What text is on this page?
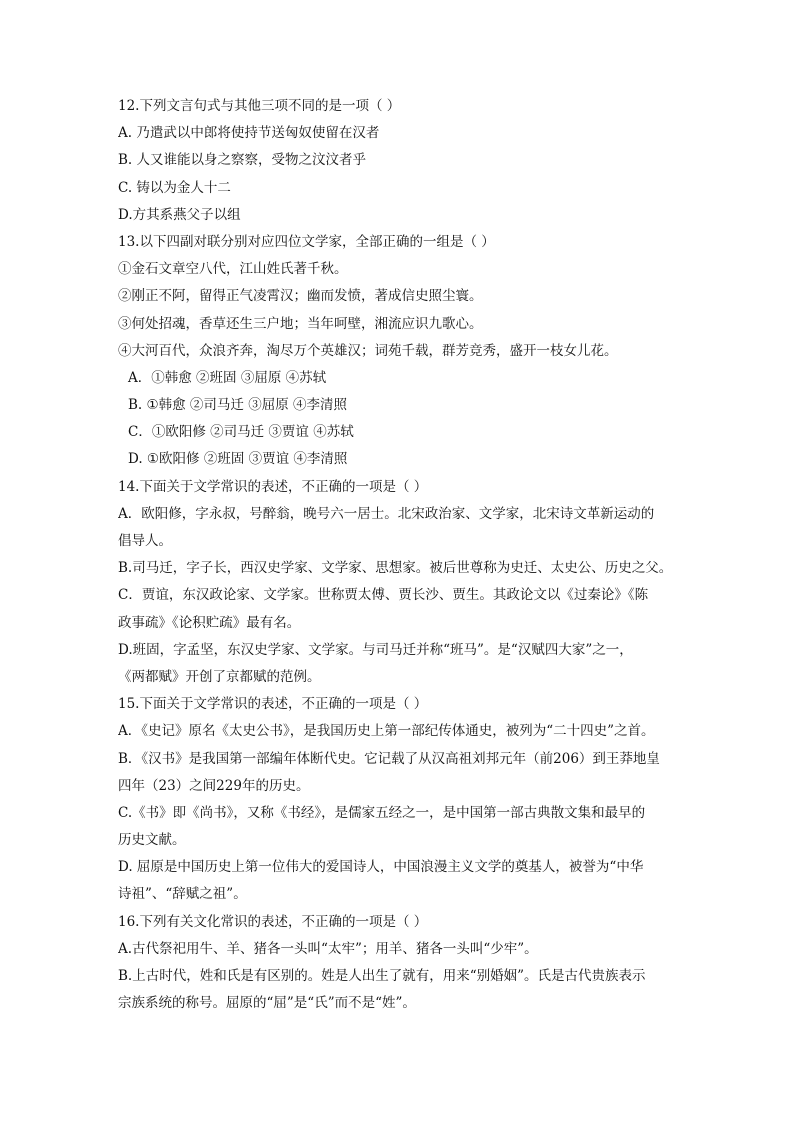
12.下列文言句式与其他三项不同的是一项（ ）
A. 乃遣武以中郎将使持节送匈奴使留在汉者
B. 人又谁能以身之察察，受物之汶汶者乎
C. 铸以为金人十二
D.方其系燕父子以组
13.以下四副对联分别对应四位文学家，全部正确的一组是（ ）
①金石文章空八代，江山姓氏著千秋。
②刚正不阿，留得正气凌霄汉；幽而发愤，著成信史照尘寰。
③何处招魂，香草还生三户地；当年呵壁，湘流应识九歌心。
④大河百代，众浪齐奔，淘尽万个英雄汉；词苑千载，群芳竞秀，盛开一枝女儿花。
A．①韩愈 ②班固 ③屈原 ④苏轼
B. ①韩愈 ②司马迁 ③屈原 ④李清照
C．①欧阳修 ②司马迁 ③贾谊 ④苏轼
D. ①欧阳修 ②班固 ③贾谊 ④李清照
14.下面关于文学常识的表述，不正确的一项是（ ）
A．欧阳修，字永叔，号醉翁，晚号六一居士。北宋政治家、文学家，北宋诗文革新运动的
倡导人。
B.司马迁，字子长，西汉史学家、文学家、思想家。被后世尊称为史迁、太史公、历史之父。
C．贾谊，东汉政论家、文学家。世称贾太傅、贾长沙、贾生。其政论文以《过秦论》《陈
政事疏》《论积贮疏》最有名。
D.班固，字孟坚，东汉史学家、文学家。与司马迁并称“班马”。是“汉赋四大家”之一，
《两都赋》开创了京都赋的范例。
15.下面关于文学常识的表述，不正确的一项是（ ）
A．《史记》原名《太史公书》，是我国历史上第一部纪传体通史，被列为“二十四史”之首。
B．《汉书》是我国第一部编年体断代史。它记载了从汉高祖刘邦元年（前206）到王莽地皇
四年（23）之间229年的历史。
C.《书》即《尚书》，又称《书经》，是儒家五经之一，是中国第一部古典散文集和最早的
历史文献。
D. 屈原是中国历史上第一位伟大的爱国诗人，中国浪漫主义文学的奠基人，被誉为“中华
诗祖”、“辞赋之祖”。
16.下列有关文化常识的表述，不正确的一项是（ ）
A.古代祭祀用牛、羊、猪各一头叫“太牢”；用羊、猪各一头叫“少牢”。
B.上古时代，姓和氏是有区别的。姓是人出生了就有，用来“别婚姻”。氏是古代贵族表示
宗族系统的称号。屈原的“屈”是“氏”而不是“姓”。
